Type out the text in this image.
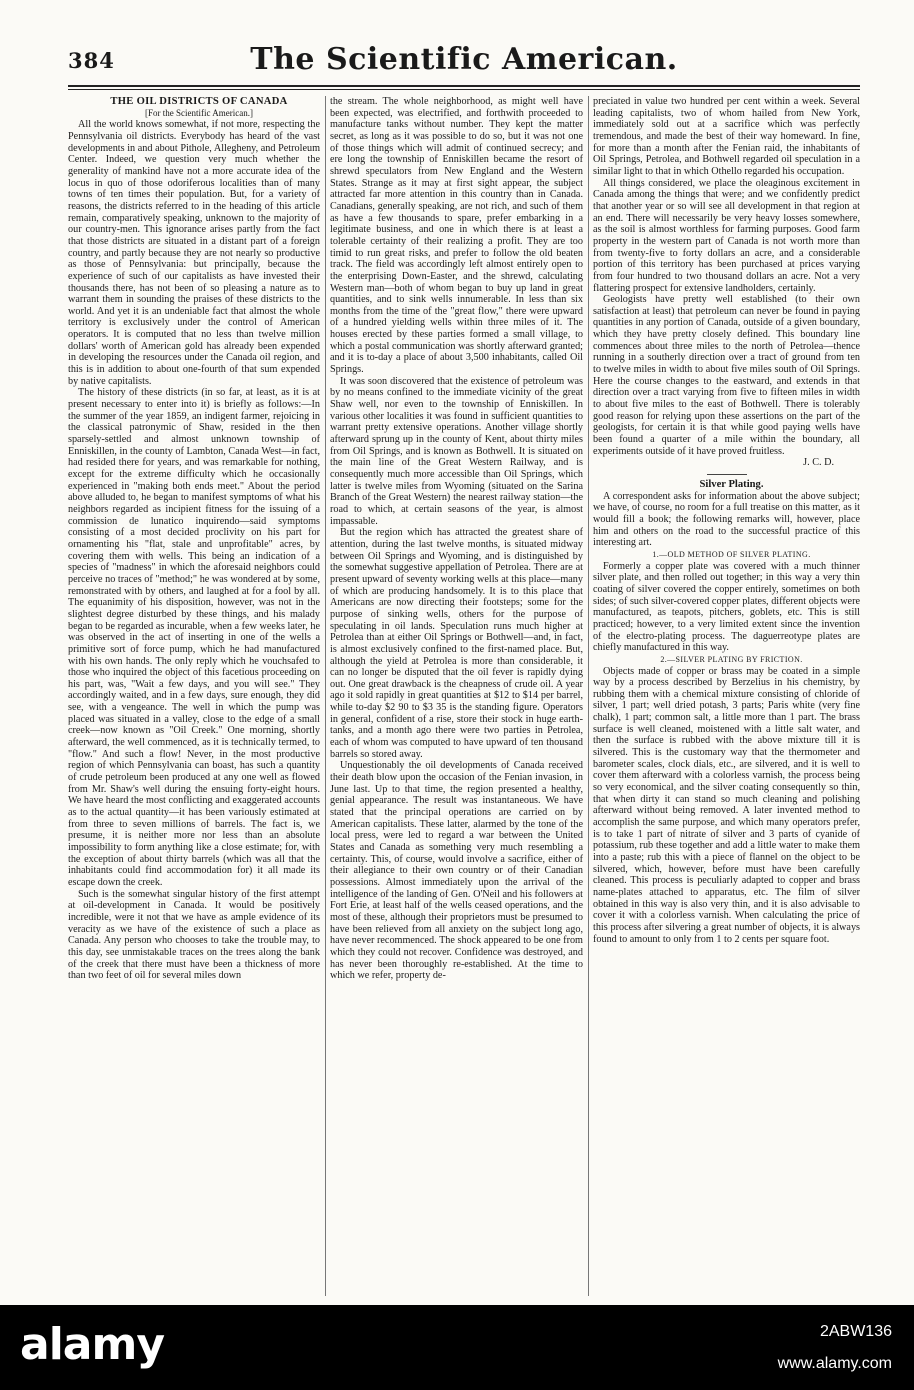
384	The Scientific American.

THE OIL DISTRICTS OF CANADA

[For the Scientific American.]

All the world knows somewhat, if not more, respecting the Pennsylvania oil districts. Everybody has heard of the vast developments in and about Pithole, Allegheny, and Petroleum Center. Indeed, we question very much whether the generality of mankind have not a more accurate idea of the locus in quo of those odoriferous localities than of many towns of ten times their population. But, for a variety of reasons, the districts referred to in the heading of this article remain, comparatively speaking, unknown to the majority of our country-men. This ignorance arises partly from the fact that those districts are situated in a distant part of a foreign country, and partly because they are not nearly so productive as those of Pennsylvania: but principally, because the experience of such of our capitalists as have invested their thousands there, has not been of so pleasing a nature as to warrant them in sounding the praises of these districts to the world. And yet it is an undeniable fact that almost the whole territory is exclusively under the control of American operators. It is computed that no less than twelve million dollars' worth of American gold has already been expended in developing the resources under the Canada oil region, and this is in addition to about one-fourth of that sum expended by native capitalists.

The history of these districts (in so far, at least, as it is at present necessary to enter into it) is briefly as follows:—In the summer of the year 1859, an indigent farmer, rejoicing in the classical patronymic of Shaw, resided in the then sparsely-settled and almost unknown township of Enniskillen, in the county of Lambton, Canada West—in fact, had resided there for years, and was remarkable for nothing, except for the extreme difficulty which he occasionally experienced in "making both ends meet." About the period above alluded to, he began to manifest symptoms of what his neighbors regarded as incipient fitness for the issuing of a commission de lunatico inquirendo—said symptoms consisting of a most decided proclivity on his part for ornamenting his "flat, stale and unprofitable" acres, by covering them with wells. This being an indication of a species of "madness" in which the aforesaid neighbors could perceive no traces of "method;" he was wondered at by some, remonstrated with by others, and laughed at for a fool by all. The equanimity of his disposition, however, was not in the slightest degree disturbed by these things, and his malady began to be regarded as incurable, when a few weeks later, he was observed in the act of inserting in one of the wells a primitive sort of force pump, which he had manufactured with his own hands. The only reply which he vouchsafed to those who inquired the object of this facetious proceeding on his part, was, "Wait a few days, and you will see." They accordingly waited, and in a few days, sure enough, they did see, with a vengeance. The well in which the pump was placed was situated in a valley, close to the edge of a small creek—now known as "Oil Creek." One morning, shortly afterward, the well commenced, as it is technically termed, to "flow." And such a flow! Never, in the most productive region of which Pennsylvania can boast, has such a quantity of crude petroleum been produced at any one well as flowed from Mr. Shaw's well during the ensuing forty-eight hours. We have heard the most conflicting and exaggerated accounts as to the actual quantity—it has been variously estimated at from three to seven millions of barrels. The fact is, we presume, it is neither more nor less than an absolute impossibility to form anything like a close estimate; for, with the exception of about thirty barrels (which was all that the inhabitants could find accommodation for) it all made its escape down the creek.

Such is the somewhat singular history of the first attempt at oil-development in Canada. It would be positively incredible, were it not that we have as ample evidence of its veracity as we have of the existence of such a place as Canada. Any person who chooses to take the trouble may, to this day, see unmistakable traces on the trees along the bank of the creek that there must have been a thickness of more than two feet of oil for several miles down

the stream. The whole neighborhood, as might well have been expected, was electrified, and forthwith proceeded to manufacture tanks without number. They kept the matter secret, as long as it was possible to do so, but it was not one of those things which will admit of continued secrecy; and ere long the township of Enniskillen became the resort of shrewd speculators from New England and the Western States. Strange as it may at first sight appear, the subject attracted far more attention in this country than in Canada. Canadians, generally speaking, are not rich, and such of them as have a few thousands to spare, prefer embarking in a legitimate business, and one in which there is at least a tolerable certainty of their realizing a profit. They are too timid to run great risks, and prefer to follow the old beaten track. The field was accordingly left almost entirely open to the enterprising Down-Easter, and the shrewd, calculating Western man—both of whom began to buy up land in great quantities, and to sink wells innumerable. In less than six months from the time of the "great flow," there were upward of a hundred yielding wells within three miles of it. The houses erected by these parties formed a small village, to which a postal communication was shortly afterward granted; and it is to-day a place of about 3,500 inhabitants, called Oil Springs.

It was soon discovered that the existence of petroleum was by no means confined to the immediate vicinity of the great Shaw well, nor even to the township of Enniskillen. In various other localities it was found in sufficient quantities to warrant pretty extensive operations. Another village shortly afterward sprung up in the county of Kent, about thirty miles from Oil Springs, and is known as Bothwell. It is situated on the main line of the Great Western Railway, and is consequently much more accessible than Oil Springs, which latter is twelve miles from Wyoming (situated on the Sarina Branch of the Great Western) the nearest railway station—the road to which, at certain seasons of the year, is almost impassable.

But the region which has attracted the greatest share of attention, during the last twelve months, is situated midway between Oil Springs and Wyoming, and is distinguished by the somewhat suggestive appellation of Petrolea. There are at present upward of seventy working wells at this place—many of which are producing handsomely. It is to this place that Americans are now directing their footsteps; some for the purpose of sinking wells, others for the purpose of speculating in oil lands. Speculation runs much higher at Petrolea than at either Oil Springs or Bothwell—and, in fact, is almost exclusively confined to the first-named place. But, although the yield at Petrolea is more than considerable, it can no longer be disputed that the oil fever is rapidly dying out. One great drawback is the cheapness of crude oil. A year ago it sold rapidly in great quantities at $12 to $14 per barrel, while to-day $2 90 to $3 35 is the standing figure. Operators in general, confident of a rise, store their stock in huge earth-tanks, and a month ago there were two parties in Petrolea, each of whom was computed to have upward of ten thousand barrels so stored away.

Unquestionably the oil developments of Canada received their death blow upon the occasion of the Fenian invasion, in June last. Up to that time, the region presented a healthy, genial appearance. The result was instantaneous. We have stated that the principal operations are carried on by American capitalists. These latter, alarmed by the tone of the local press, were led to regard a war between the United States and Canada as something very much resembling a certainty. This, of course, would involve a sacrifice, either of their allegiance to their own country or of their Canadian possessions. Almost immediately upon the arrival of the intelligence of the landing of Gen. O'Neil and his followers at Fort Erie, at least half of the wells ceased operations, and the most of these, although their proprietors must be presumed to have been relieved from all anxiety on the subject long ago, have never recommenced. The shock appeared to be one from which they could not recover. Confidence was destroyed, and has never been thoroughly re-established. At the time to which we refer, property de-

preciated in value two hundred per cent within a week. Several leading capitalists, two of whom hailed from New York, immediately sold out at a sacrifice which was perfectly tremendous, and made the best of their way homeward. In fine, for more than a month after the Fenian raid, the inhabitants of Oil Springs, Petrolea, and Bothwell regarded oil speculation in a similar light to that in which Othello regarded his occupation.

All things considered, we place the oleaginous excitement in Canada among the things that were; and we confidently predict that another year or so will see all development in that region at an end. There will necessarily be very heavy losses somewhere, as the soil is almost worthless for farming purposes. Good farm property in the western part of Canada is not worth more than from twenty-five to forty dollars an acre, and a considerable portion of this territory has been purchased at prices varying from four hundred to two thousand dollars an acre. Not a very flattering prospect for extensive landholders, certainly.

Geologists have pretty well established (to their own satisfaction at least) that petroleum can never be found in paying quantities in any portion of Canada, outside of a given boundary, which they have pretty closely defined. This boundary line commences about three miles to the north of Petrolea—thence running in a southerly direction over a tract of ground from ten to twelve miles in width to about five miles south of Oil Springs. Here the course changes to the eastward, and extends in that direction over a tract varying from five to fifteen miles in width to about five miles to the east of Bothwell. There is tolerably good reason for relying upon these assertions on the part of the geologists, for certain it is that while good paying wells have been found a quarter of a mile within the boundary, all experiments outside of it have proved fruitless.

J. C. D.

Silver Plating.

A correspondent asks for information about the above subject; we have, of course, no room for a full treatise on this matter, as it would fill a book; the following remarks will, however, place him and others on the road to the successful practice of this interesting art.

1.—OLD METHOD OF SILVER PLATING.

Formerly a copper plate was covered with a much thinner silver plate, and then rolled out together; in this way a very thin coating of silver covered the copper entirely, sometimes on both sides; of such silver-covered copper plates, different objects were manufactured, as teapots, pitchers, goblets, etc. This is still practiced; however, to a very limited extent since the invention of the electro-plating process. The daguerreotype plates are chiefly manufactured in this way.

2.—SILVER PLATING BY FRICTION.

Objects made of copper or brass may be coated in a simple way by a process described by Berzelius in his chemistry, by rubbing them with a chemical mixture consisting of chloride of silver, 1 part; well dried potash, 3 parts; Paris white (very fine chalk), 1 part; common salt, a little more than 1 part. The brass surface is well cleaned, moistened with a little salt water, and then the surface is rubbed with the above mixture till it is silvered. This is the customary way that the thermometer and barometer scales, clock dials, etc., are silvered, and it is well to cover them afterward with a colorless varnish, the process being so very economical, and the silver coating consequently so thin, that when dirty it can stand so much cleaning and polishing afterward without being removed. A later invented method to accomplish the same purpose, and which many operators prefer, is to take 1 part of nitrate of silver and 3 parts of cyanide of potassium, rub these together and add a little water to make them into a paste; rub this with a piece of flannel on the object to be silvered, which, however, before must have been carefully cleaned. This process is peculiarly adapted to copper and brass name-plates attached to apparatus, etc. The film of silver obtained in this way is also very thin, and it is also advisable to cover it with a colorless varnish. When calculating the price of this process after silvering a great number of objects, it is always found to amount to only from 1 to 2 cents per square foot.

alamy	2ABW136
www.alamy.com
